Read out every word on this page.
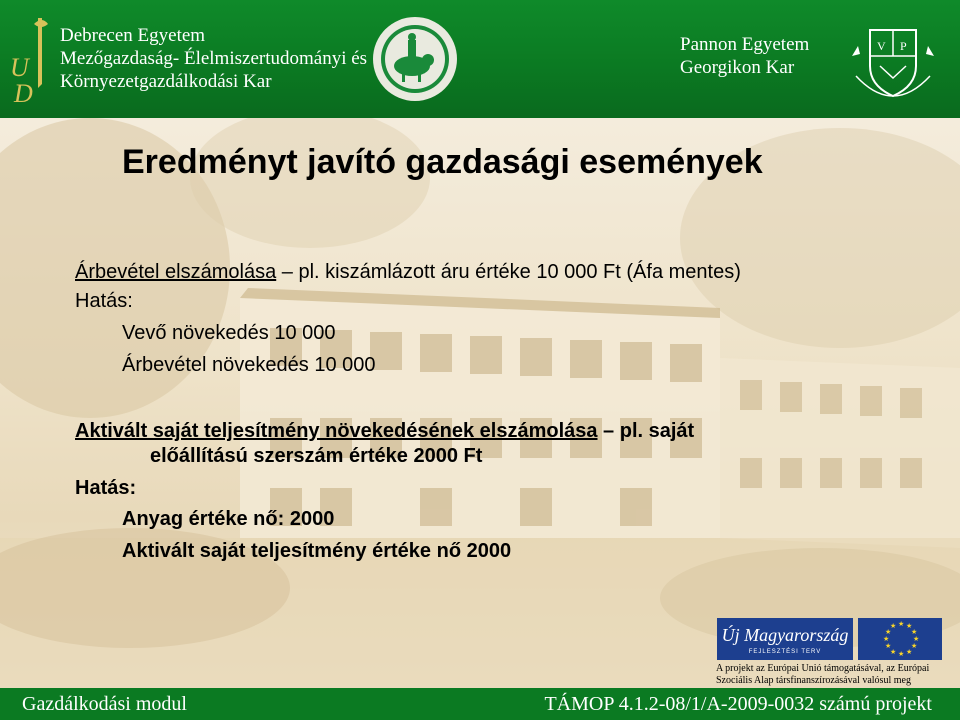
U
D
Debrecen Egyetem
Mezőgazdaság- Élelmiszertudományi és
Környezetgazdálkodási Kar
Pannon Egyetem
Georgikon Kar
V P
Eredményt javító gazdasági események
Árbevétel elszámolása – pl. kiszámlázott áru értéke 10 000 Ft (Áfa mentes)
Hatás:
Vevő növekedés 10 000
Árbevétel növekedés 10 000
Aktivált saját teljesítmény növekedésének elszámolása – pl. saját
előállítású szerszám értéke 2000 Ft
Hatás:
Anyag értéke nő: 2000
Aktivált saját teljesítmény értéke nő 2000
Új Magyarország
FEJLESZTÉSI TERV
★ ★
★
★
★
★
★
★
★
★
★
★
A projekt az Európai Unió támogatásával, az Európai
Szociális Alap társfinanszírozásával valósul meg
Gazdálkodási modul	TÁMOP 4.1.2-08/1/A-2009-0032 számú projekt
